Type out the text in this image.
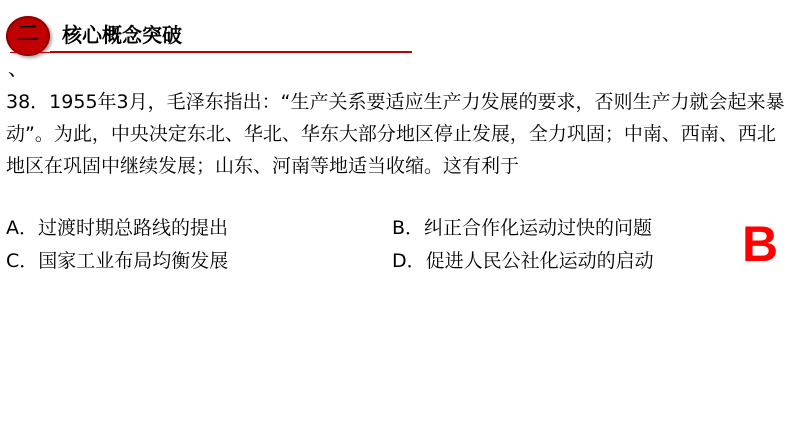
二	核心概念突破
、

38．1955年3月，毛泽东指出：“生产关系要适应生产力发展的要求，否则生产力就会起来暴动”。为此，中央决定东北、华北、华东大部分地区停止发展，全力巩固；中南、西南、西北地区在巩固中继续发展；山东、河南等地适当收缩。这有利于

A．过渡时期总路线的提出	B．纠正合作化运动过快的问题
C．国家工业布局均衡发展	D．促进人民公社化运动的启动 B
